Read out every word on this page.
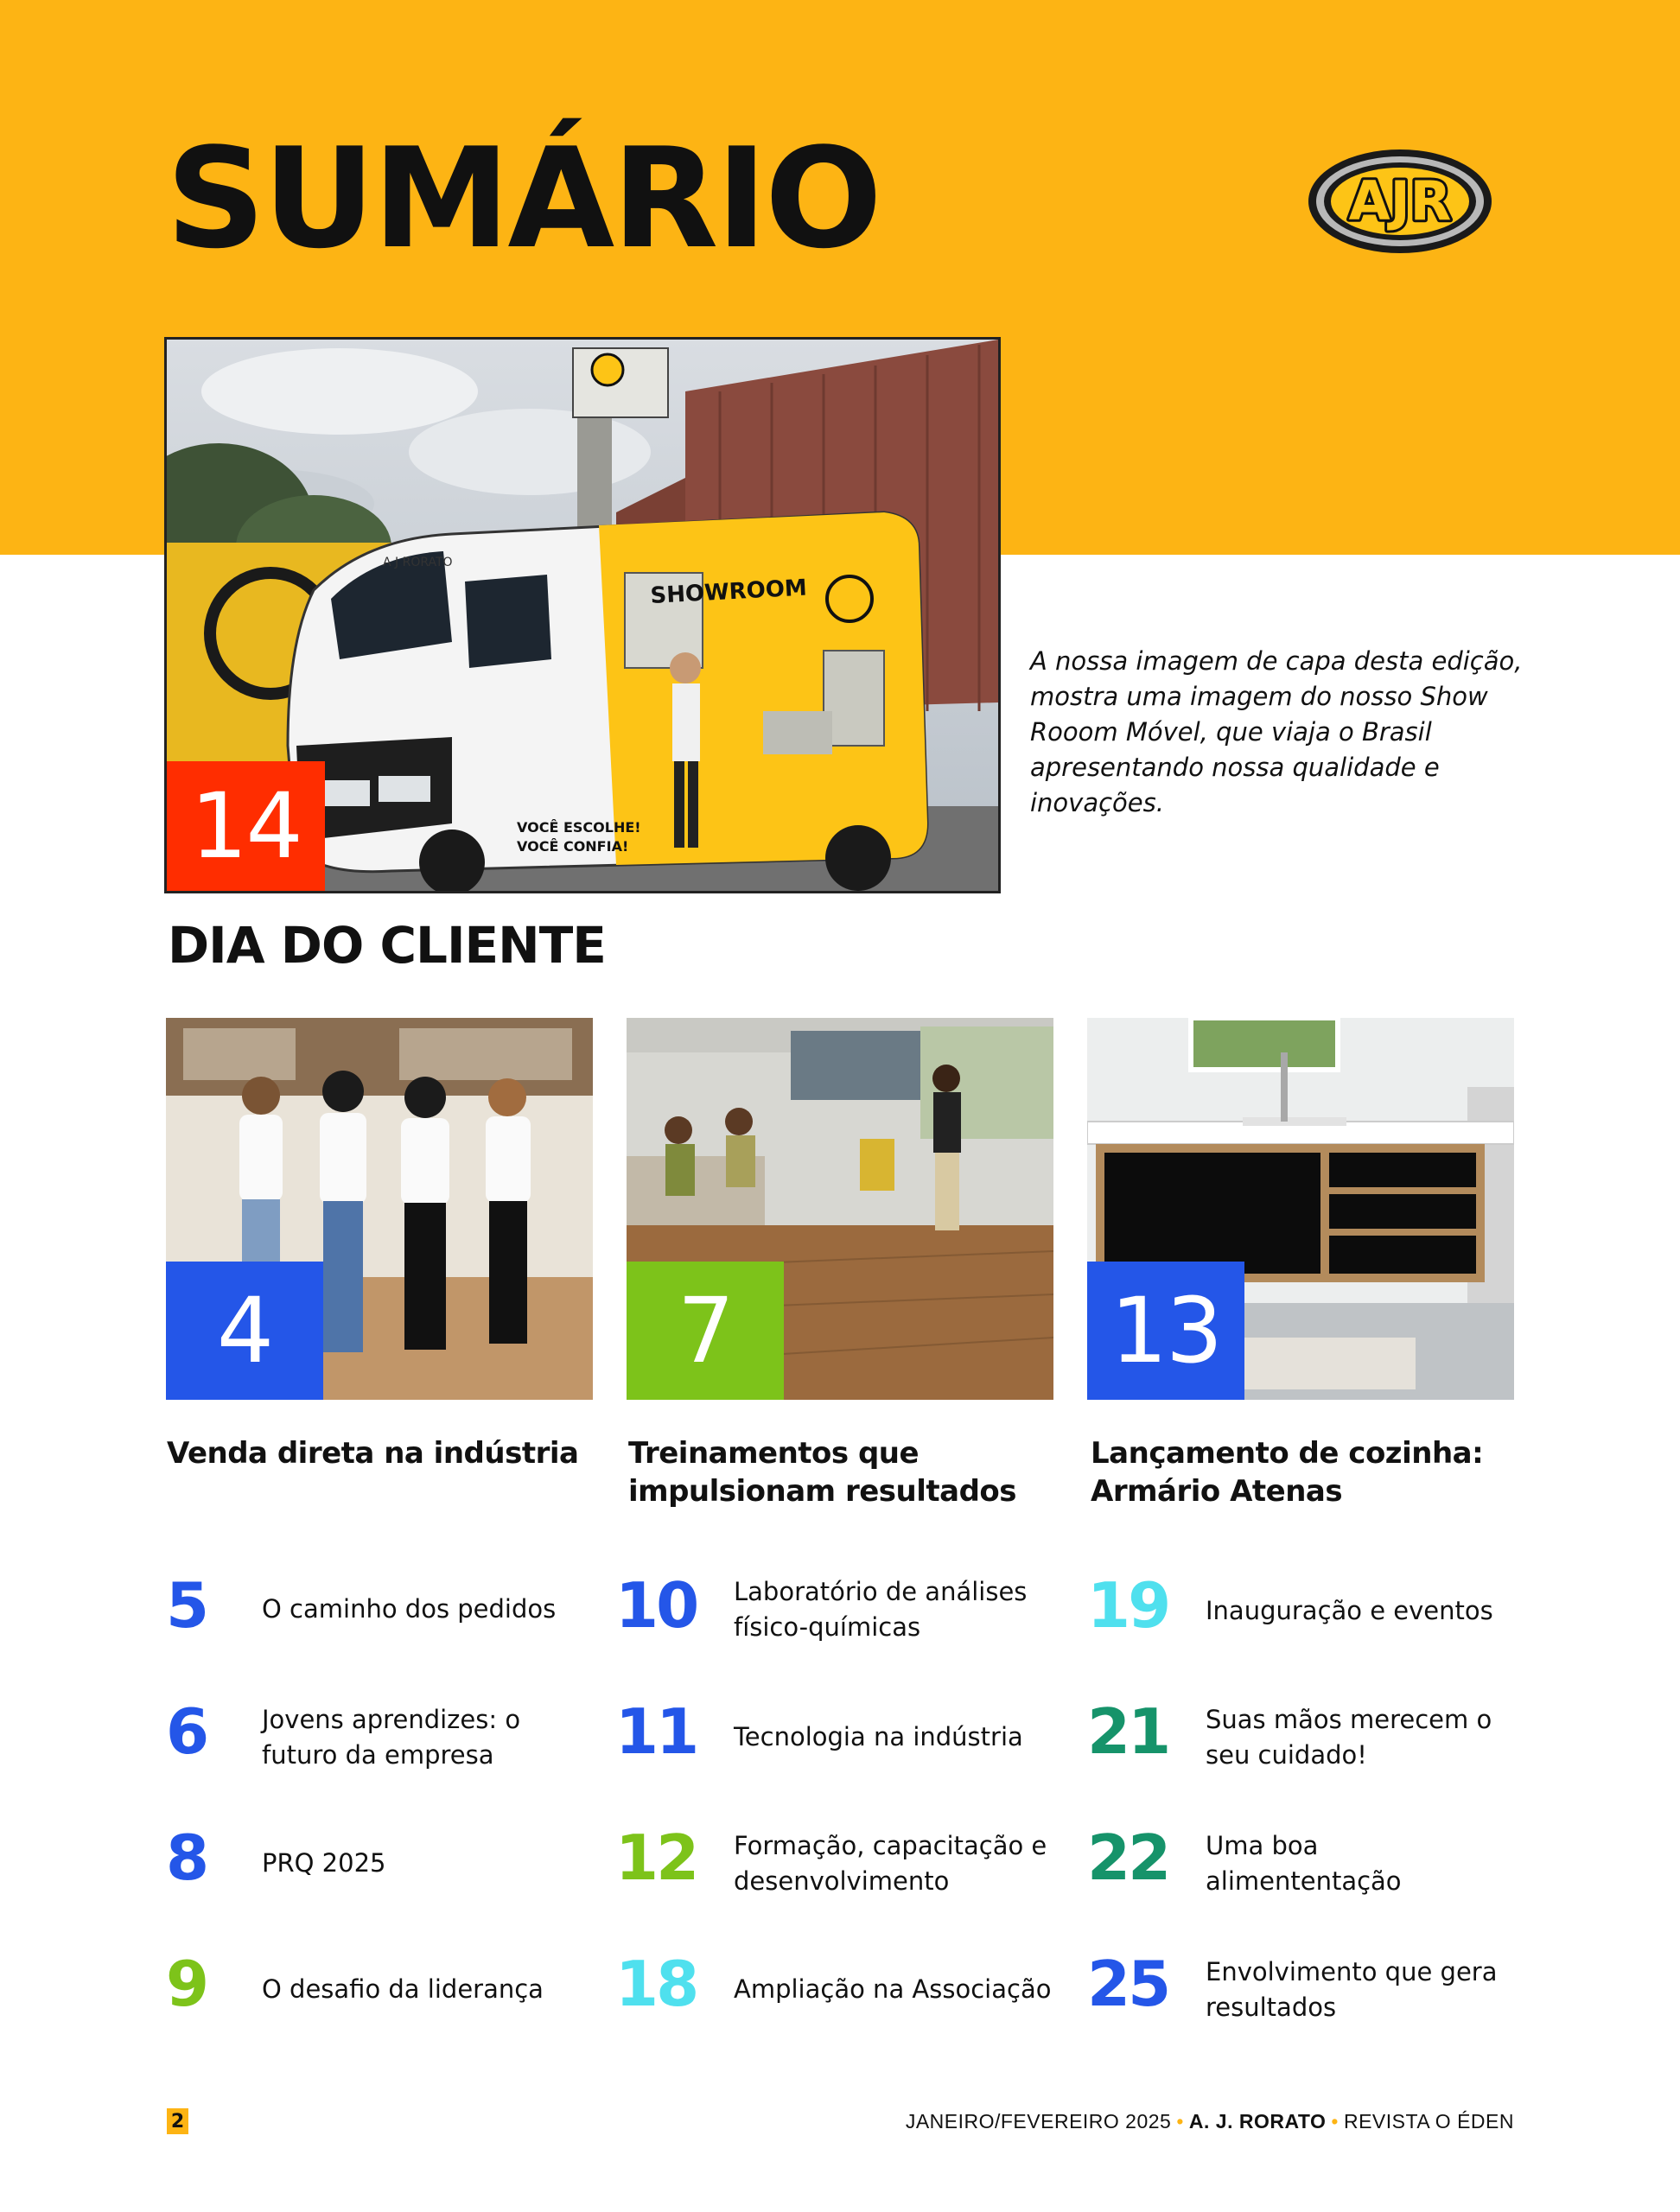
SUMÁRIO	AJR
SHOWROOM
A J RORATO
VOCÊ ESCOLHE!
VOCÊ CONFIA!
14

A nossa imagem de capa desta edição, mostra uma imagem do nosso Show Rooom Móvel, que viaja o Brasil apresentando nossa qualidade e inovações.

DIA DO CLIENTE
4	7	13
Venda direta na indústria	Treinamentos que impulsionam resultados
Lançamento de cozinha: Armário Atenas
5 O caminho dos pedidos
6 Jovens aprendizes: o futuro da empresa
8 PRQ 2025
9 O desafio da liderança
10 Laboratório de análises físico-químicas
11 Tecnologia na indústria
12 Formação, capacitação e desenvolvimento
18 Ampliação na Associação
19 Inauguração e eventos
21 Suas mãos merecem o seu cuidado!
22 Uma boa alimententação
25 Envolvimento que gera resultados
2	JANEIRO/FEVEREIRO 2025 • A. J. RORATO • REVISTA O ÉDEN
